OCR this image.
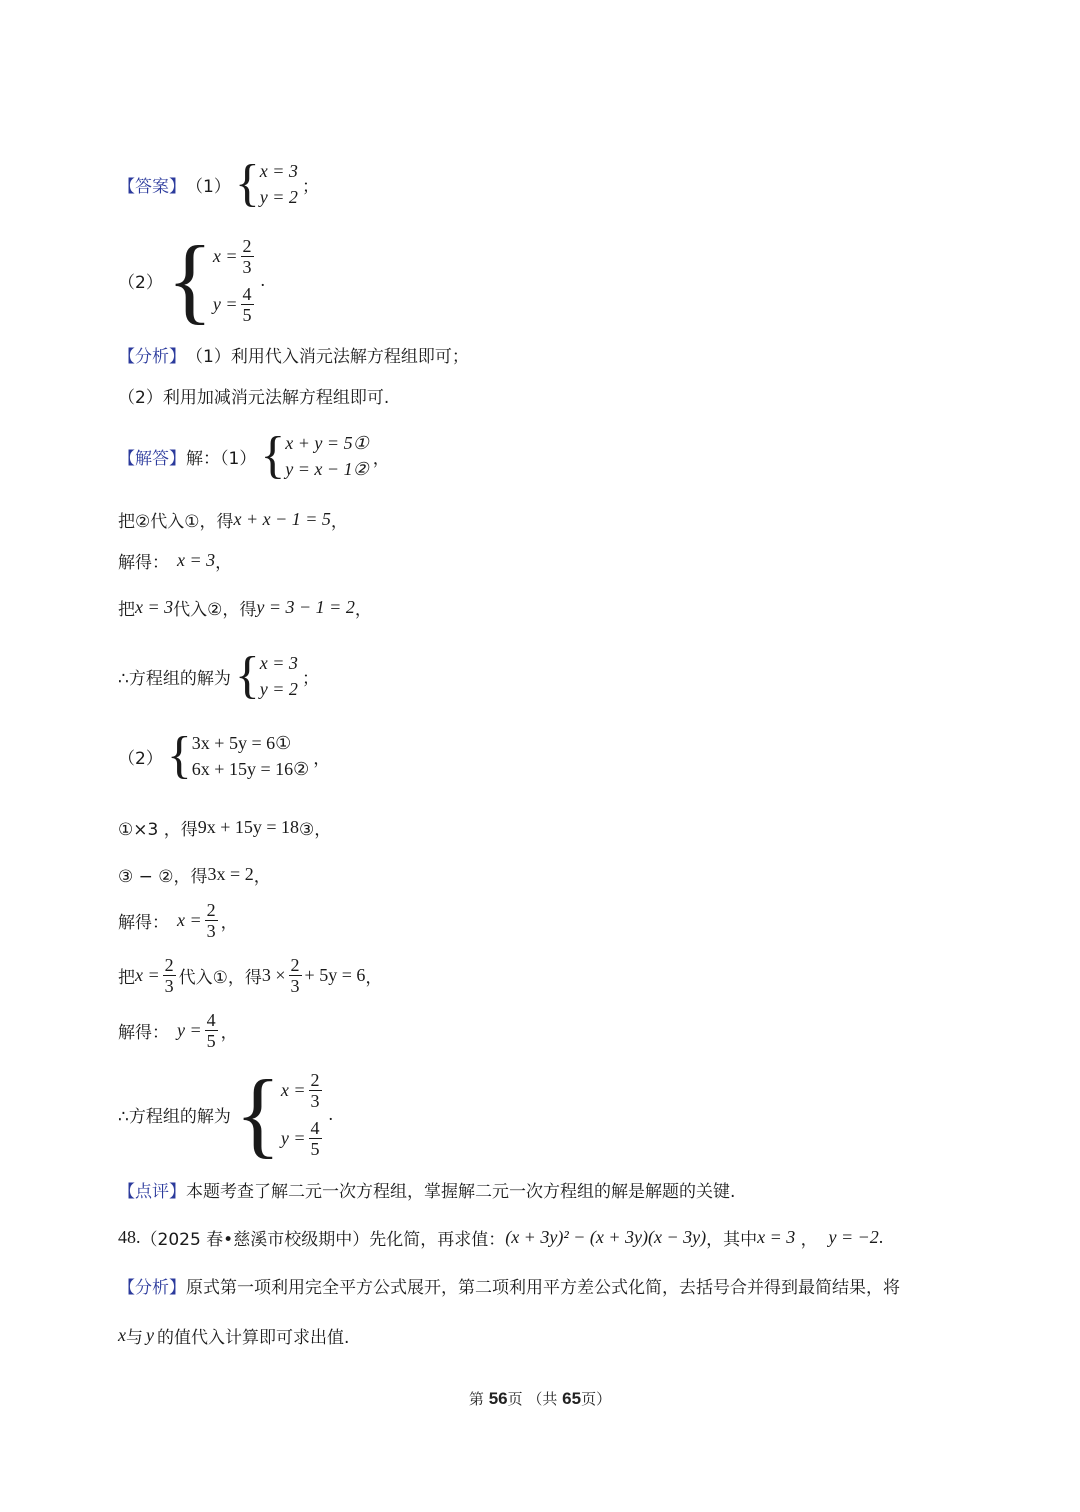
【答案】 （1） { x = 3
y = 2 ；
（2） { $x = \frac{2}{3}$
$y = \frac{4}{5}$
.
【分析】 （1）利用代入消元法解方程组即可；
（2）利用加减消元法解方程组即可.
【解答】 解：（1） { x + y = 5①
y = x − 1② ，
把②代入①，得 x + x − 1 = 5 ，
解得： x = 3 ，
把 x = 3 代入②，得 y = 3 − 1 = 2 ，
∴方程组的解为 { x = 3
y = 2 ；
（2） { 3x + 5y = 6①
6x + 15y = 16② ，
①×3 ，得 9x + 15y = 18 ③，
③ − ②，得 3x = 2 ，
解得： $x = \frac{2}{3}$ ，
把 $x = \frac{2}{3}$ 代入①，得 $3 \times \frac{2}{3} + 5y = 6$ ，
解得： $y = \frac{4}{5}$ ，
∴方程组的解为 { $x = \frac{2}{3}$
$y = \frac{4}{5}$
.
【点评】 本题考查了解二元一次方程组，掌握解二元一次方程组的解是解题的关键.
48. （2025 春•慈溪市校级期中） 先化简，再求值： (x + 3y)² − (x + 3y)(x − 3y) ，其中 x = 3 ， y = −2 .
【分析】 原式第一项利用完全平方公式展开，第二项利用平方差公式化简，去括号合并得到最简结果，将
x 与 y 的值代入计算即可求出值.
第 56页 （共 65页）
